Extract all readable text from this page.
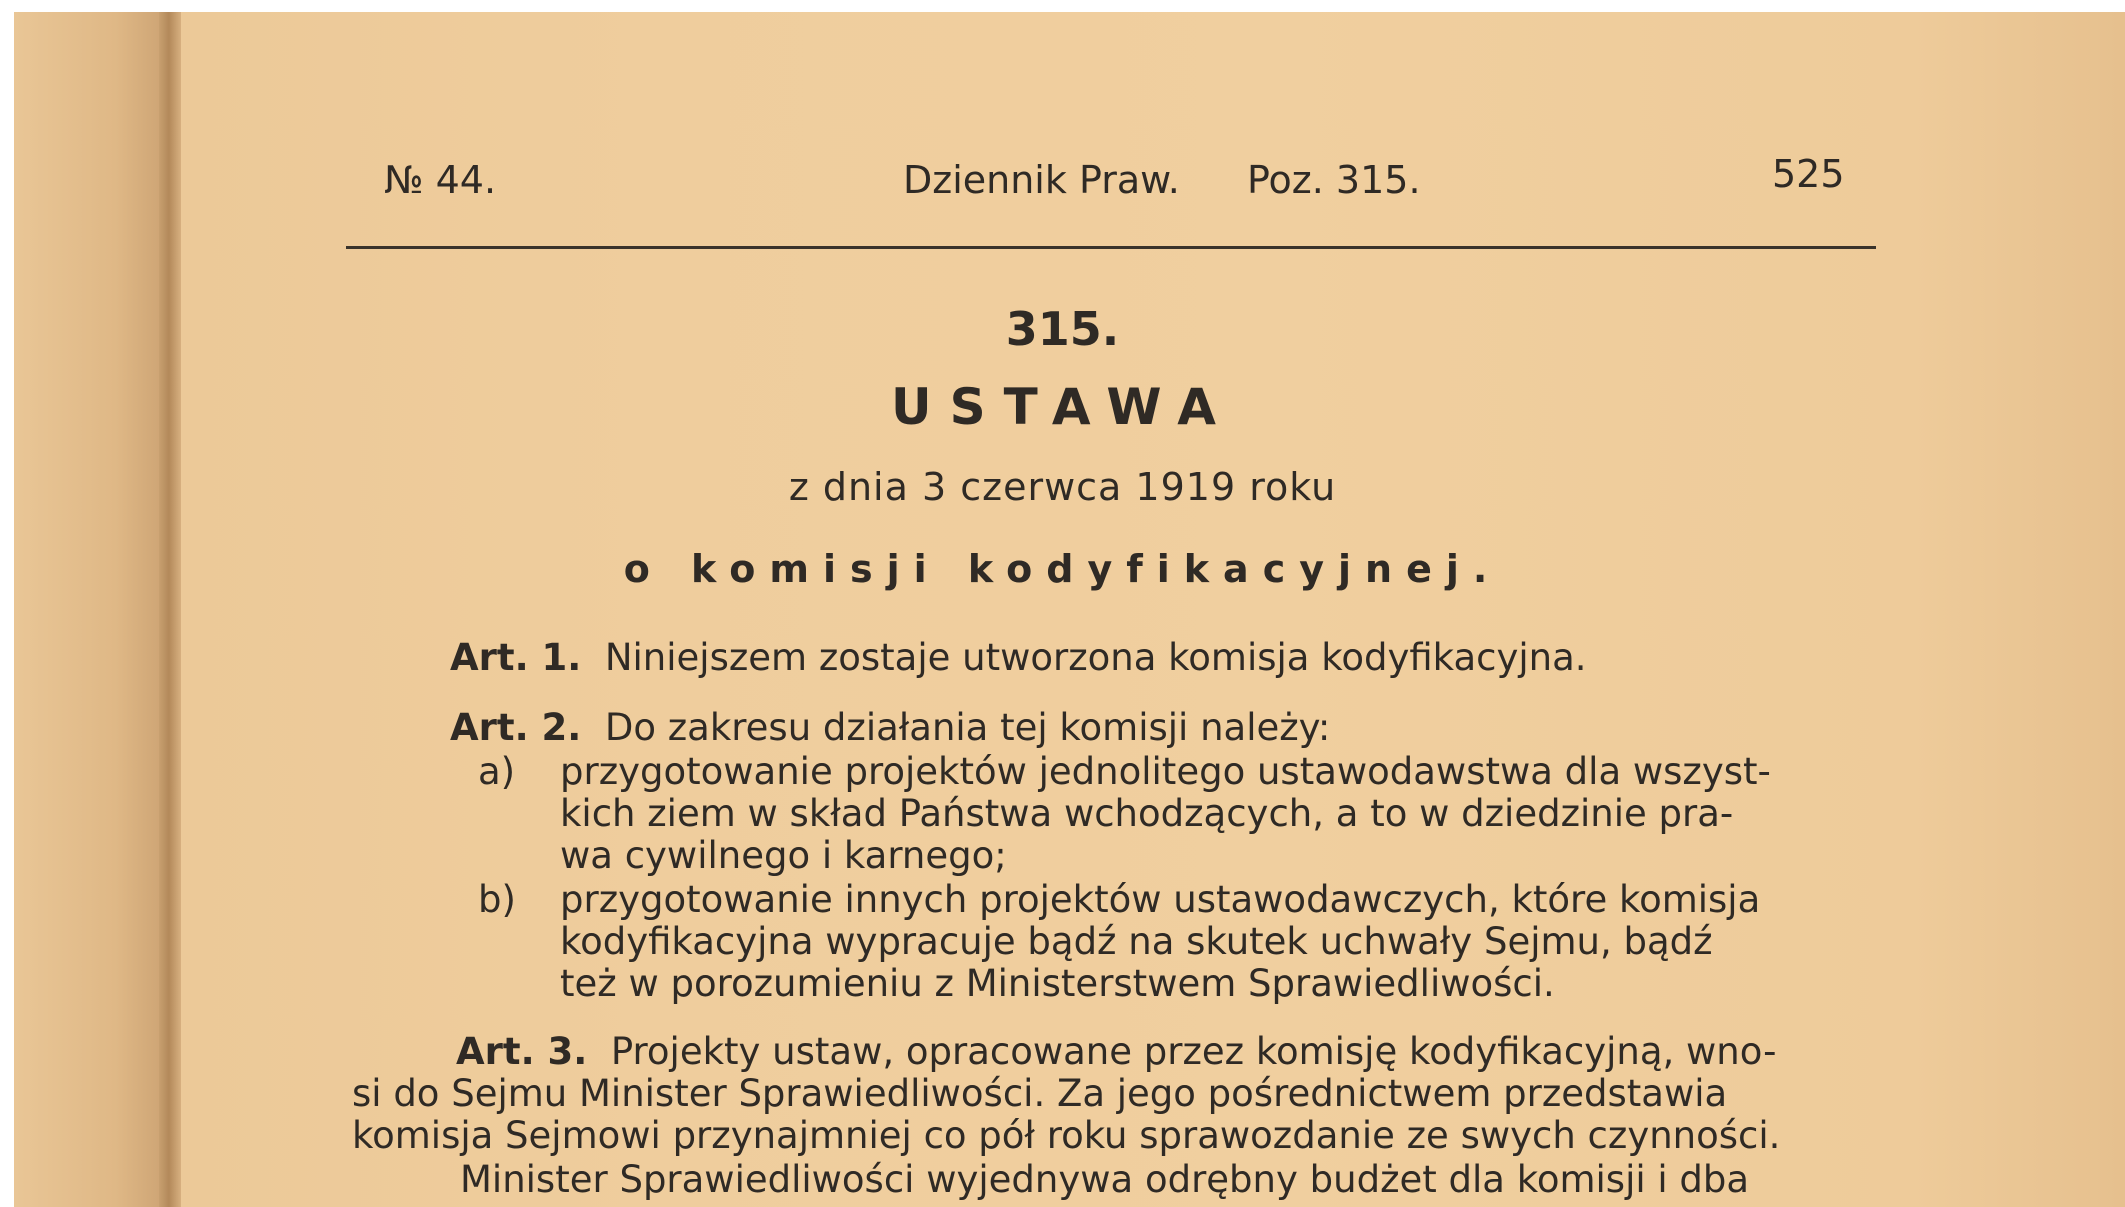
№ 44.	Dziennik Praw. Poz. 315.	525
315.
USTAWA
z dnia 3 czerwca 1919 roku
o komisji kodyfikacyjnej.
Art. 1. Niniejszem zostaje utworzona komisja kodyfikacyjna.
Art. 2. Do zakresu działania tej komisji należy:
a) przygotowanie projektów jednolitego ustawodawstwa dla wszyst-
kich ziem w skład Państwa wchodzących, a to w dziedzinie pra-
wa cywilnego i karnego;
b) przygotowanie innych projektów ustawodawczych, które komisja
kodyfikacyjna wypracuje bądź na skutek uchwały Sejmu, bądź
też w porozumieniu z Ministerstwem Sprawiedliwości.
Art. 3. Projekty ustaw, opracowane przez komisję kodyfikacyjną, wno-
si do Sejmu Minister Sprawiedliwości. Za jego pośrednictwem przedstawia
komisja Sejmowi przynajmniej co pół roku sprawozdanie ze swych czynności.
Minister Sprawiedliwości wyjednywa odrębny budżet dla komisji i dba
